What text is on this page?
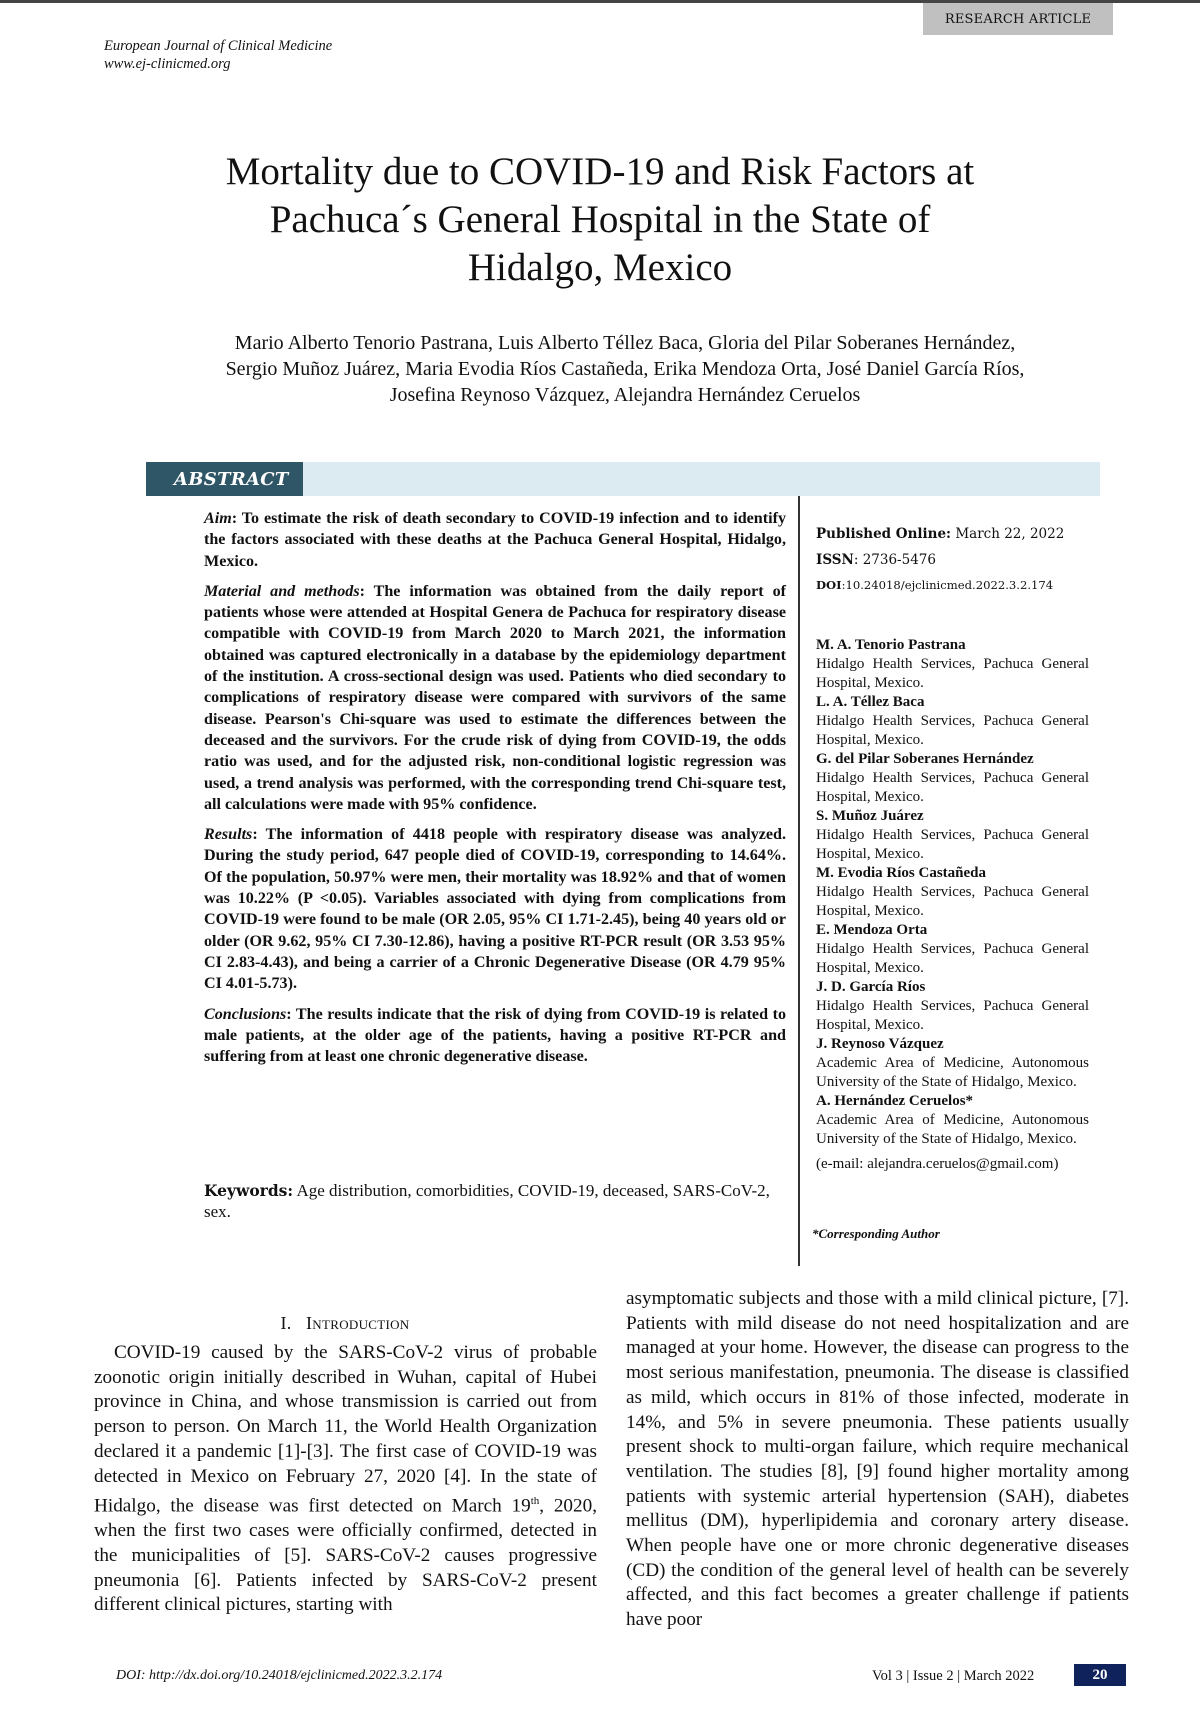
European Journal of Clinical Medicine
www.ej-clinicmed.org
RESEARCH ARTICLE
Mortality due to COVID-19 and Risk Factors at
Pachuca´s General Hospital in the State of
Hidalgo, Mexico
Mario Alberto Tenorio Pastrana, Luis Alberto Téllez Baca, Gloria del Pilar Soberanes Hernández,
Sergio Muñoz Juárez, Maria Evodia Ríos Castañeda, Erika Mendoza Orta, José Daniel García Ríos,
Josefina Reynoso Vázquez, Alejandra Hernández Ceruelos
ABSTRACT

Aim: To estimate the risk of death secondary to COVID-19 infection and to identify the factors associated with these deaths at the Pachuca General Hospital, Hidalgo, Mexico.

Material and methods: The information was obtained from the daily report of patients whose were attended at Hospital Genera de Pachuca for respiratory disease compatible with COVID-19 from March 2020 to March 2021, the information obtained was captured electronically in a database by the epidemiology department of the institution. A cross-sectional design was used. Patients who died secondary to complications of respiratory disease were compared with survivors of the same disease. Pearson's Chi-square was used to estimate the differences between the deceased and the survivors. For the crude risk of dying from COVID-19, the odds ratio was used, and for the adjusted risk, non-conditional logistic regression was used, a trend analysis was performed, with the corresponding trend Chi-square test, all calculations were made with 95% confidence.

Results: The information of 4418 people with respiratory disease was analyzed. During the study period, 647 people died of COVID-19, corresponding to 14.64%. Of the population, 50.97% were men, their mortality was 18.92% and that of women was 10.22% (P <0.05). Variables associated with dying from complications from COVID-19 were found to be male (OR 2.05, 95% CI 1.71-2.45), being 40 years old or older (OR 9.62, 95% CI 7.30-12.86), having a positive RT-PCR result (OR 3.53 95% CI 2.83-4.43), and being a carrier of a Chronic Degenerative Disease (OR 4.79 95% CI 4.01-5.73).

Conclusions: The results indicate that the risk of dying from COVID-19 is related to male patients, at the older age of the patients, having a positive RT-PCR and suffering from at least one chronic degenerative disease.

Keywords: Age distribution, comorbidities, COVID-19, deceased, SARS-CoV-2, sex.
Published Online: March 22, 2022
ISSN: 2736-5476
DOI:10.24018/ejclinicmed.2022.3.2.174
M. A. Tenorio Pastrana
Hidalgo Health Services, Pachuca General Hospital, Mexico.
L. A. Téllez Baca
Hidalgo Health Services, Pachuca General Hospital, Mexico.
G. del Pilar Soberanes Hernández
Hidalgo Health Services, Pachuca General Hospital, Mexico.
S. Muñoz Juárez
Hidalgo Health Services, Pachuca General Hospital, Mexico.
M. Evodia Ríos Castañeda
Hidalgo Health Services, Pachuca General Hospital, Mexico.
E. Mendoza Orta
Hidalgo Health Services, Pachuca General Hospital, Mexico.
J. D. García Ríos
Hidalgo Health Services, Pachuca General Hospital, Mexico.
J. Reynoso Vázquez
Academic Area of Medicine, Autonomous University of the State of Hidalgo, Mexico.
A. Hernández Ceruelos*
Academic Area of Medicine, Autonomous University of the State of Hidalgo, Mexico.
(e-mail: alejandra.ceruelos@gmail.com)
*Corresponding Author
I. Introduction
COVID-19 caused by the SARS-CoV-2 virus of probable zoonotic origin initially described in Wuhan, capital of Hubei province in China, and whose transmission is carried out from person to person. On March 11, the World Health Organization declared it a pandemic [1]-[3]. The first case of COVID-19 was detected in Mexico on February 27, 2020 [4]. In the state of Hidalgo, the disease was first detected on March 19th, 2020, when the first two cases were officially confirmed, detected in the municipalities of [5]. SARS-CoV-2 causes progressive pneumonia [6]. Patients infected by SARS-CoV-2 present different clinical pictures, starting with
asymptomatic subjects and those with a mild clinical picture, [7]. Patients with mild disease do not need hospitalization and are managed at your home. However, the disease can progress to the most serious manifestation, pneumonia. The disease is classified as mild, which occurs in 81% of those infected, moderate in 14%, and 5% in severe pneumonia. These patients usually present shock to multi-organ failure, which require mechanical ventilation. The studies [8], [9] found higher mortality among patients with systemic arterial hypertension (SAH), diabetes mellitus (DM), hyperlipidemia and coronary artery disease. When people have one or more chronic degenerative diseases (CD) the condition of the general level of health can be severely affected, and this fact becomes a greater challenge if patients have poor
DOI: http://dx.doi.org/10.24018/ejclinicmed.2022.3.2.174	Vol 3 | Issue 2 | March 2022	20
